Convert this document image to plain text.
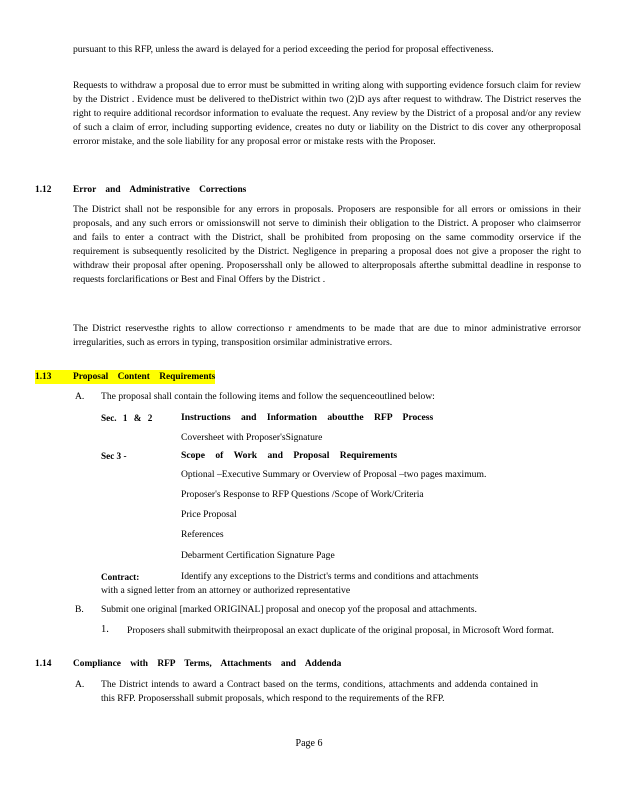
pursuant to this RFP, unless the award is delayed for a period exceeding the period for proposal effectiveness.

Requests to withdraw a proposal due to error must be submitted in writing along with supporting evidence forsuch claim for review by the District . Evidence must be delivered to theDistrict within two (2)D ays after request to withdraw. The District reserves the right to require additional recordsor information to evaluate the request. Any review by the District of a proposal and/or any review of such a claim of error, including supporting evidence, creates no duty or liability on the District to dis cover any otherproposal erroror mistake, and the sole liability for any proposal error or mistake rests with the Proposer.

1.12 Error and Administrative Corrections

The District shall not be responsible for any errors in proposals. Proposers are responsible for all errors or omissions in their proposals, and any such errors or omissionswill not serve to diminish their obligation to the District. A proposer who claimserror and fails to enter a contract with the District, shall be prohibited from proposing on the same commodity orservice if the requirement is subsequently resolicited by the District. Negligence in preparing a proposal does not give a proposer the right to withdraw their proposal after opening. Proposersshall only be allowed to alterproposals afterthe submittal deadline in response to requests forclarifications or Best and Final Offers by the District .

The District reservesthe rights to allow correctionso r amendments to be made that are due to minor administrative errorsor irregularities, such as errors in typing, transposition orsimilar administrative errors.

1.13	Proposal Content Requirements
A. The proposal shall contain the following items and follow the sequenceoutlined below:
Sec. 1 & 2	Instructions and Information aboutthe RFP Process
Coversheet with Proposer'sSignature
Sec 3 -	Scope of Work and Proposal Requirements
Optional –Executive Summary or Overview of Proposal –two pages maximum.
Proposer's Response to RFP Questions /Scope of Work/Criteria
Price Proposal
References
Debarment Certification Signature Page
Contract:	Identify any exceptions to the District's terms and conditions and attachments
with a signed letter from an attorney or authorized representative
B. Submit one original [marked ORIGINAL] proposal and onecop yof the proposal and attachments.
1. Proposers shall submitwith theirproposal an exact duplicate of the original proposal, in Microsoft Word format.

1.14 Compliance with RFP Terms, Attachments and Addenda
A. The District intends to award a Contract based on the terms, conditions, attachments and addenda contained in this RFP. Proposersshall submit proposals, which respond to the requirements of the RFP.

Page 6
